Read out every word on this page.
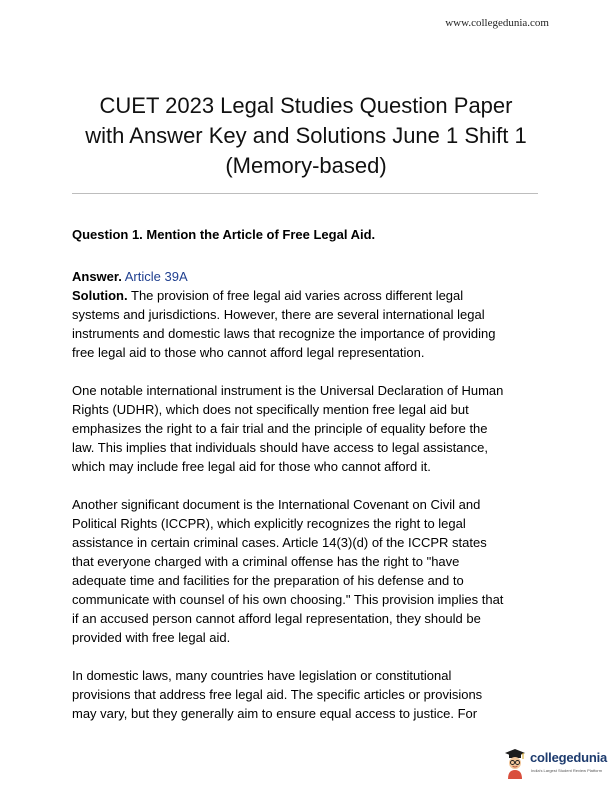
www.collegedunia.com
CUET 2023 Legal Studies Question Paper
with Answer Key and Solutions June 1 Shift 1
(Memory-based)

Question 1. Mention the Article of Free Legal Aid.

Answer. Article 39A
Solution. The provision of free legal aid varies across different legal
systems and jurisdictions. However, there are several international legal
instruments and domestic laws that recognize the importance of providing
free legal aid to those who cannot afford legal representation.

One notable international instrument is the Universal Declaration of Human
Rights (UDHR), which does not specifically mention free legal aid but
emphasizes the right to a fair trial and the principle of equality before the
law. This implies that individuals should have access to legal assistance,
which may include free legal aid for those who cannot afford it.

Another significant document is the International Covenant on Civil and
Political Rights (ICCPR), which explicitly recognizes the right to legal
assistance in certain criminal cases. Article 14(3)(d) of the ICCPR states
that everyone charged with a criminal offense has the right to "have
adequate time and facilities for the preparation of his defense and to
communicate with counsel of his own choosing." This provision implies that
if an accused person cannot afford legal representation, they should be
provided with free legal aid.

In domestic laws, many countries have legislation or constitutional
provisions that address free legal aid. The specific articles or provisions
may vary, but they generally aim to ensure equal access to justice. For

collegedunia
India's Largest Student Review Platform
